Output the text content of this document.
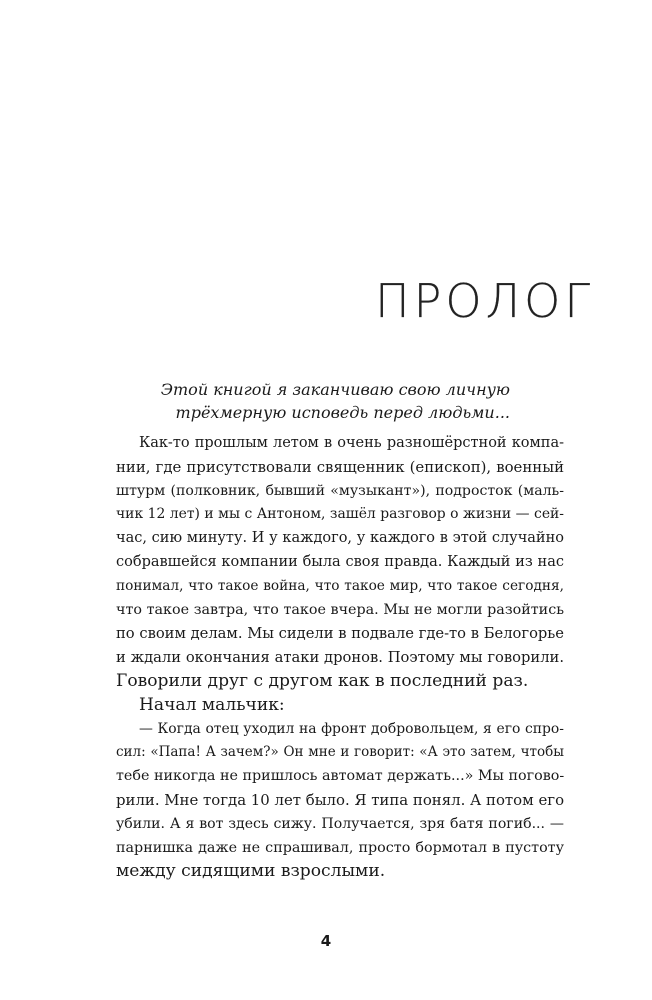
ПРОЛОГ
Этой книгой я заканчиваю свою личную
трёхмерную исповедь перед людьми...
Как-то прошлым летом в очень разношёрстной компа-
нии, где присутствовали священник (епископ), военный
штурм (полковник, бывший «музыкант»), подросток (маль-
чик 12 лет) и мы с Антоном, зашёл разговор о жизни — сей-
час, сию минуту. И у каждого, у каждого в этой случайно
собравшейся компании была своя правда. Каждый из нас
понимал, что такое война, что такое мир, что такое сегодня,
что такое завтра, что такое вчера. Мы не могли разойтись
по своим делам. Мы сидели в подвале где-то в Белогорье
и ждали окончания атаки дронов. Поэтому мы говорили.
Говорили друг с другом как в последний раз.
Начал мальчик:
— Когда отец уходил на фронт добровольцем, я его спро-
сил: «Папа! А зачем?» Он мне и говорит: «А это затем, чтобы
тебе никогда не пришлось автомат держать...» Мы погово-
рили. Мне тогда 10 лет было. Я типа понял. А потом его
убили. А я вот здесь сижу. Получается, зря батя погиб... —
парнишка даже не спрашивал, просто бормотал в пустоту
между сидящими взрослыми.
4
